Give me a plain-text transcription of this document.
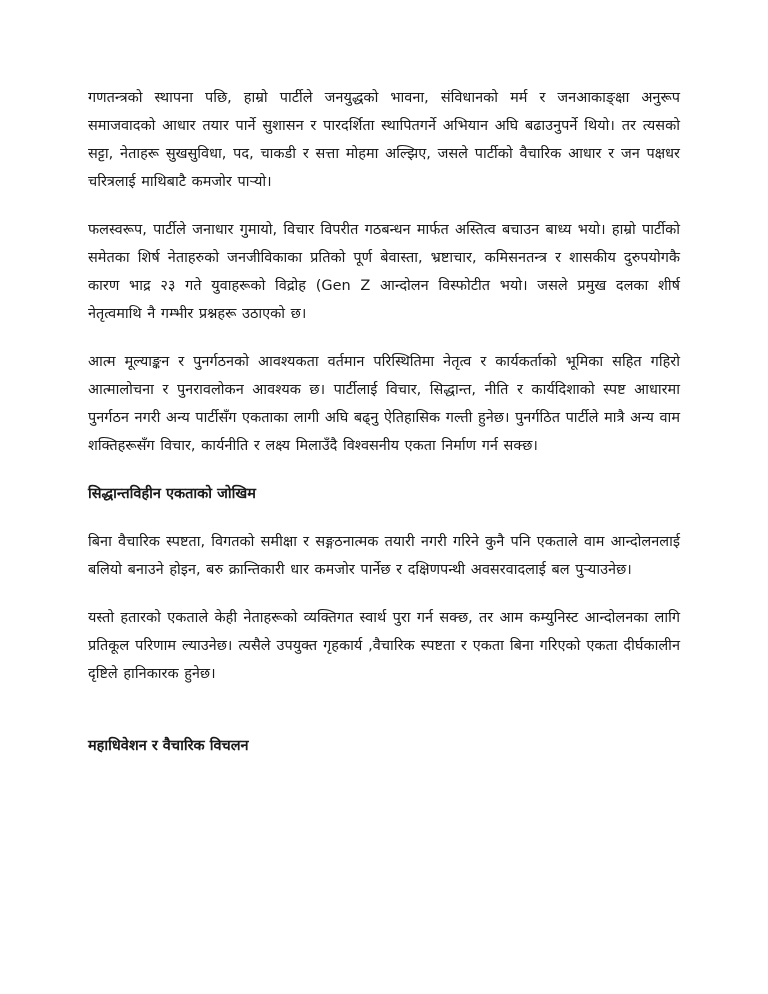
गणतन्त्रको स्थापना पछि, हाम्रो पार्टीले जनयुद्धको भावना, संविधानको मर्म र जनआकाङ्क्षा अनुरूप समाजवादको आधार तयार पार्ने सुशासन र पारदर्शिता स्थापितगर्ने अभियान अघि बढाउनुपर्ने थियो। तर त्यसको सट्टा, नेताहरू सुखसुविधा, पद, चाकडी र सत्ता मोहमा अल्झिए, जसले पार्टीको वैचारिक आधार र जन पक्षधर चरित्रलाई माथिबाटै कमजोर पार्‍यो।

फलस्वरूप, पार्टीले जनाधार गुमायो, विचार विपरीत गठबन्धन मार्फत अस्तित्व बचाउन बाध्य भयो। हाम्रो पार्टीको समेतका शिर्ष नेताहरुको जनजीविकाका प्रतिको पूर्ण बेवास्ता, भ्रष्टाचार, कमिसनतन्त्र र शासकीय दुरुपयोगकै कारण भाद्र २३ गते युवाहरूको विद्रोह (Gen Z आन्दोलन विस्फोटीत भयो। जसले प्रमुख दलका शीर्ष नेतृत्वमाथि नै गम्भीर प्रश्नहरू उठाएको छ।

आत्म मूल्याङ्कन र पुनर्गठनको आवश्यकता वर्तमान परिस्थितिमा नेतृत्व र कार्यकर्ताको भूमिका सहित गहिरो आत्मालोचना र पुनरावलोकन आवश्यक छ। पार्टीलाई विचार, सिद्धान्त, नीति र कार्यदिशाको स्पष्ट आधारमा पुनर्गठन नगरी अन्य पार्टीसँग एकताका लागी अघि बढ्नु ऐतिहासिक गल्ती हुनेछ। पुनर्गठित पार्टीले मात्रै अन्य वाम शक्तिहरूसँग विचार, कार्यनीति र लक्ष्य मिलाउँदै विश्वसनीय एकता निर्माण गर्न सक्छ।

सिद्धान्तविहीन एकताको जोखिम

बिना वैचारिक स्पष्टता, विगतको समीक्षा र सङ्गठनात्मक तयारी नगरी गरिने कुनै पनि एकताले वाम आन्दोलनलाई बलियो बनाउने होइन, बरु क्रान्तिकारी धार कमजोर पार्नेछ र दक्षिणपन्थी अवसरवादलाई बल पुर्‍याउनेछ।

यस्तो हतारको एकताले केही नेताहरूको व्यक्तिगत स्वार्थ पुरा गर्न सक्छ, तर आम कम्युनिस्ट आन्दोलनका लागि प्रतिकूल परिणाम ल्याउनेछ। त्यसैले उपयुक्त गृहकार्य ,वैचारिक स्पष्टता र एकता बिना गरिएको एकता दीर्घकालीन दृष्टिले हानिकारक हुनेछ।

महाधिवेशन र वैचारिक विचलन
